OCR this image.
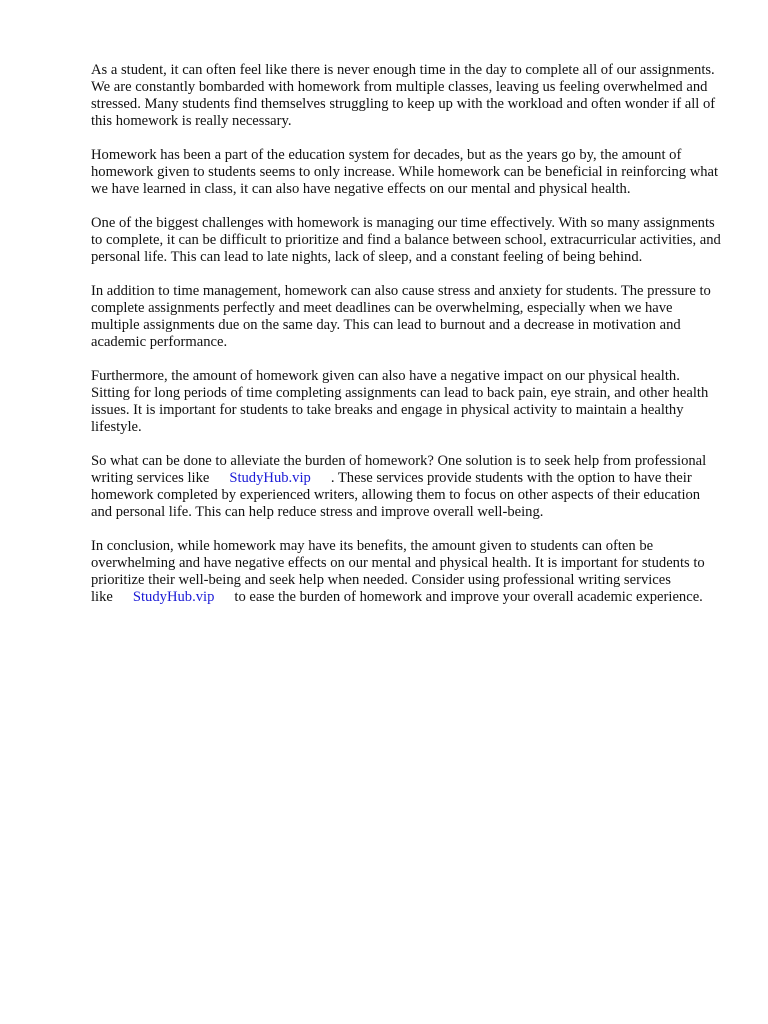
As a student, it can often feel like there is never enough time in the day to complete all of our assignments. We are constantly bombarded with homework from multiple classes, leaving us feeling overwhelmed and stressed. Many students find themselves struggling to keep up with the workload and often wonder if all of this homework is really necessary.

Homework has been a part of the education system for decades, but as the years go by, the amount of homework given to students seems to only increase. While homework can be beneficial in reinforcing what we have learned in class, it can also have negative effects on our mental and physical health.

One of the biggest challenges with homework is managing our time effectively. With so many assignments to complete, it can be difficult to prioritize and find a balance between school, extracurricular activities, and personal life. This can lead to late nights, lack of sleep, and a constant feeling of being behind.

In addition to time management, homework can also cause stress and anxiety for students. The pressure to complete assignments perfectly and meet deadlines can be overwhelming, especially when we have multiple assignments due on the same day. This can lead to burnout and a decrease in motivation and academic performance.

Furthermore, the amount of homework given can also have a negative impact on our physical health. Sitting for long periods of time completing assignments can lead to back pain, eye strain, and other health issues. It is important for students to take breaks and engage in physical activity to maintain a healthy lifestyle.

So what can be done to alleviate the burden of homework? One solution is to seek help from professional writing services like StudyHub.vip . These services provide students with the option to have their homework completed by experienced writers, allowing them to focus on other aspects of their education and personal life. This can help reduce stress and improve overall well-being.

In conclusion, while homework may have its benefits, the amount given to students can often be overwhelming and have negative effects on our mental and physical health. It is important for students to prioritize their well-being and seek help when needed. Consider using professional writing services like StudyHub.vip to ease the burden of homework and improve your overall academic experience.
